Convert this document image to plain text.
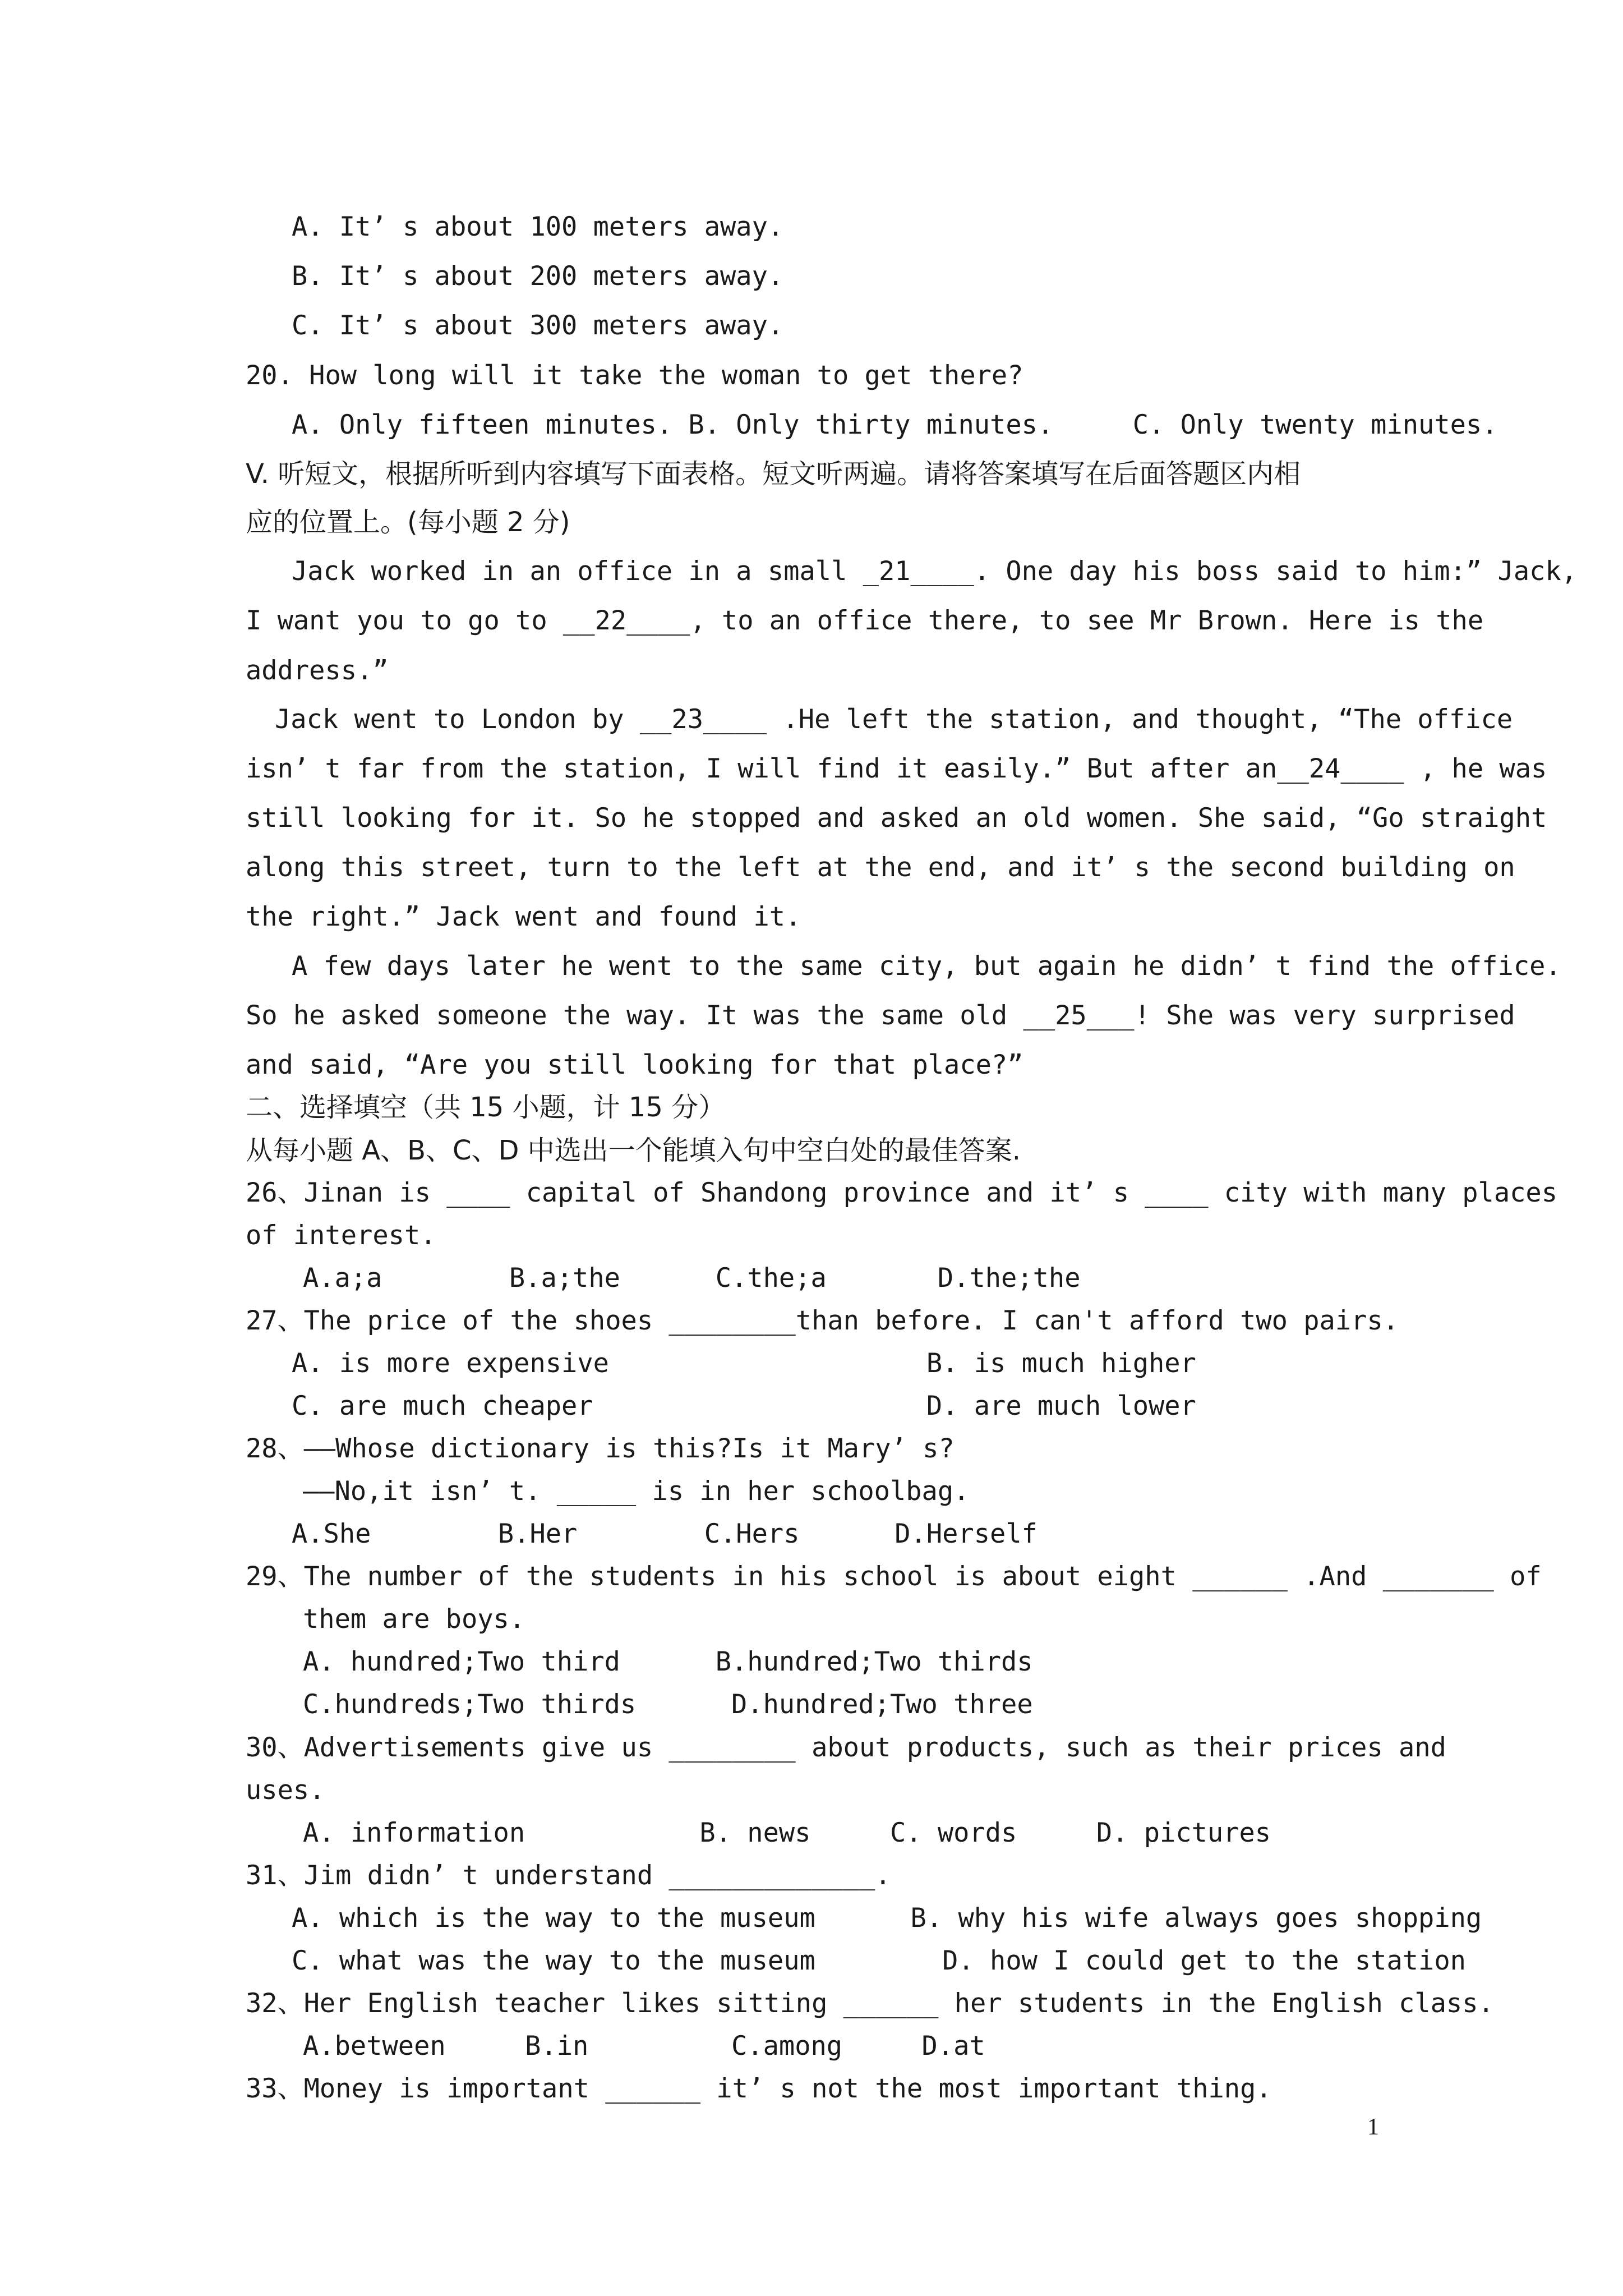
A. It’ s about 100 meters away.
B. It’ s about 200 meters away.
C. It’ s about 300 meters away.
20. How long will it take the woman to get there?
A. Only fifteen minutes. B. Only thirty minutes.     C. Only twenty minutes.
V. 听短文，根据所听到内容填写下面表格。短文听两遍。请将答案填写在后面答题区内相
应的位置上。(每小题 2 分)
Jack worked in an office in a small _21____. One day his boss said to him:” Jack,
I want you to go to __22____, to an office there, to see Mr Brown. Here is the
address.”
Jack went to London by __23____ .He left the station, and thought, “The office
isn’ t far from the station, I will find it easily.” But after an__24____ , he was
still looking for it. So he stopped and asked an old women. She said, “Go straight
along this street, turn to the left at the end, and it’ s the second building on
the right.” Jack went and found it.
A few days later he went to the same city, but again he didn’ t find the office.
So he asked someone the way. It was the same old __25___! She was very surprised
and said, “Are you still looking for that place?”
二、选择填空（共 15 小题，计 15 分）
从每小题 A、B、C、D 中选出一个能填入句中空白处的最佳答案.
26、Jinan is ____ capital of Shandong province and it’ s ____ city with many places
of interest.
A.a;a        B.a;the      C.the;a       D.the;the
27、The price of the shoes ________than before. I can't afford two pairs.
A. is more expensive                    B. is much higher
C. are much cheaper                     D. are much lower
28、——Whose dictionary is this?Is it Mary’ s?
——No,it isn’ t. _____ is in her schoolbag.
A.She        B.Her        C.Hers      D.Herself
29、The number of the students in his school is about eight ______ .And _______ of
them are boys.
A. hundred;Two third      B.hundred;Two thirds
C.hundreds;Two thirds      D.hundred;Two three
30、Advertisements give us ________ about products, such as their prices and
uses.
A. information           B. news     C. words     D. pictures
31、Jim didn’ t understand _____________.
A. which is the way to the museum      B. why his wife always goes shopping
C. what was the way to the museum        D. how I could get to the station
32、Her English teacher likes sitting ______ her students in the English class.
A.between     B.in         C.among     D.at
33、Money is important ______ it’ s not the most important thing.
1
